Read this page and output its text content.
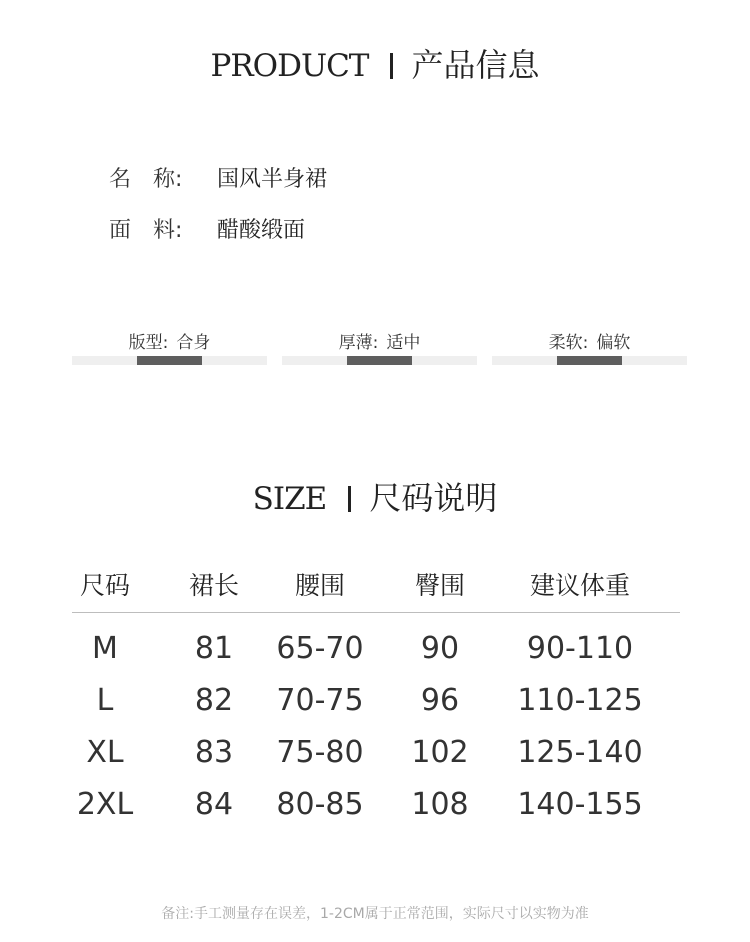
PRODUCT 产品信息
名　称: 国风半身裙
面　料: 醋酸缎面
版型: 合身	厚薄: 适中	柔软: 偏软
SIZE 尺码说明
尺码	裙长	腰围	臀围	建议体重
M	81	65-70	90	90-110
L	82	70-75	96	110-125
XL	83	75-80	102	125-140
2XL	84	80-85	108	140-155
备注:手工测量存在误差，1-2CM属于正常范围，实际尺寸以实物为准
